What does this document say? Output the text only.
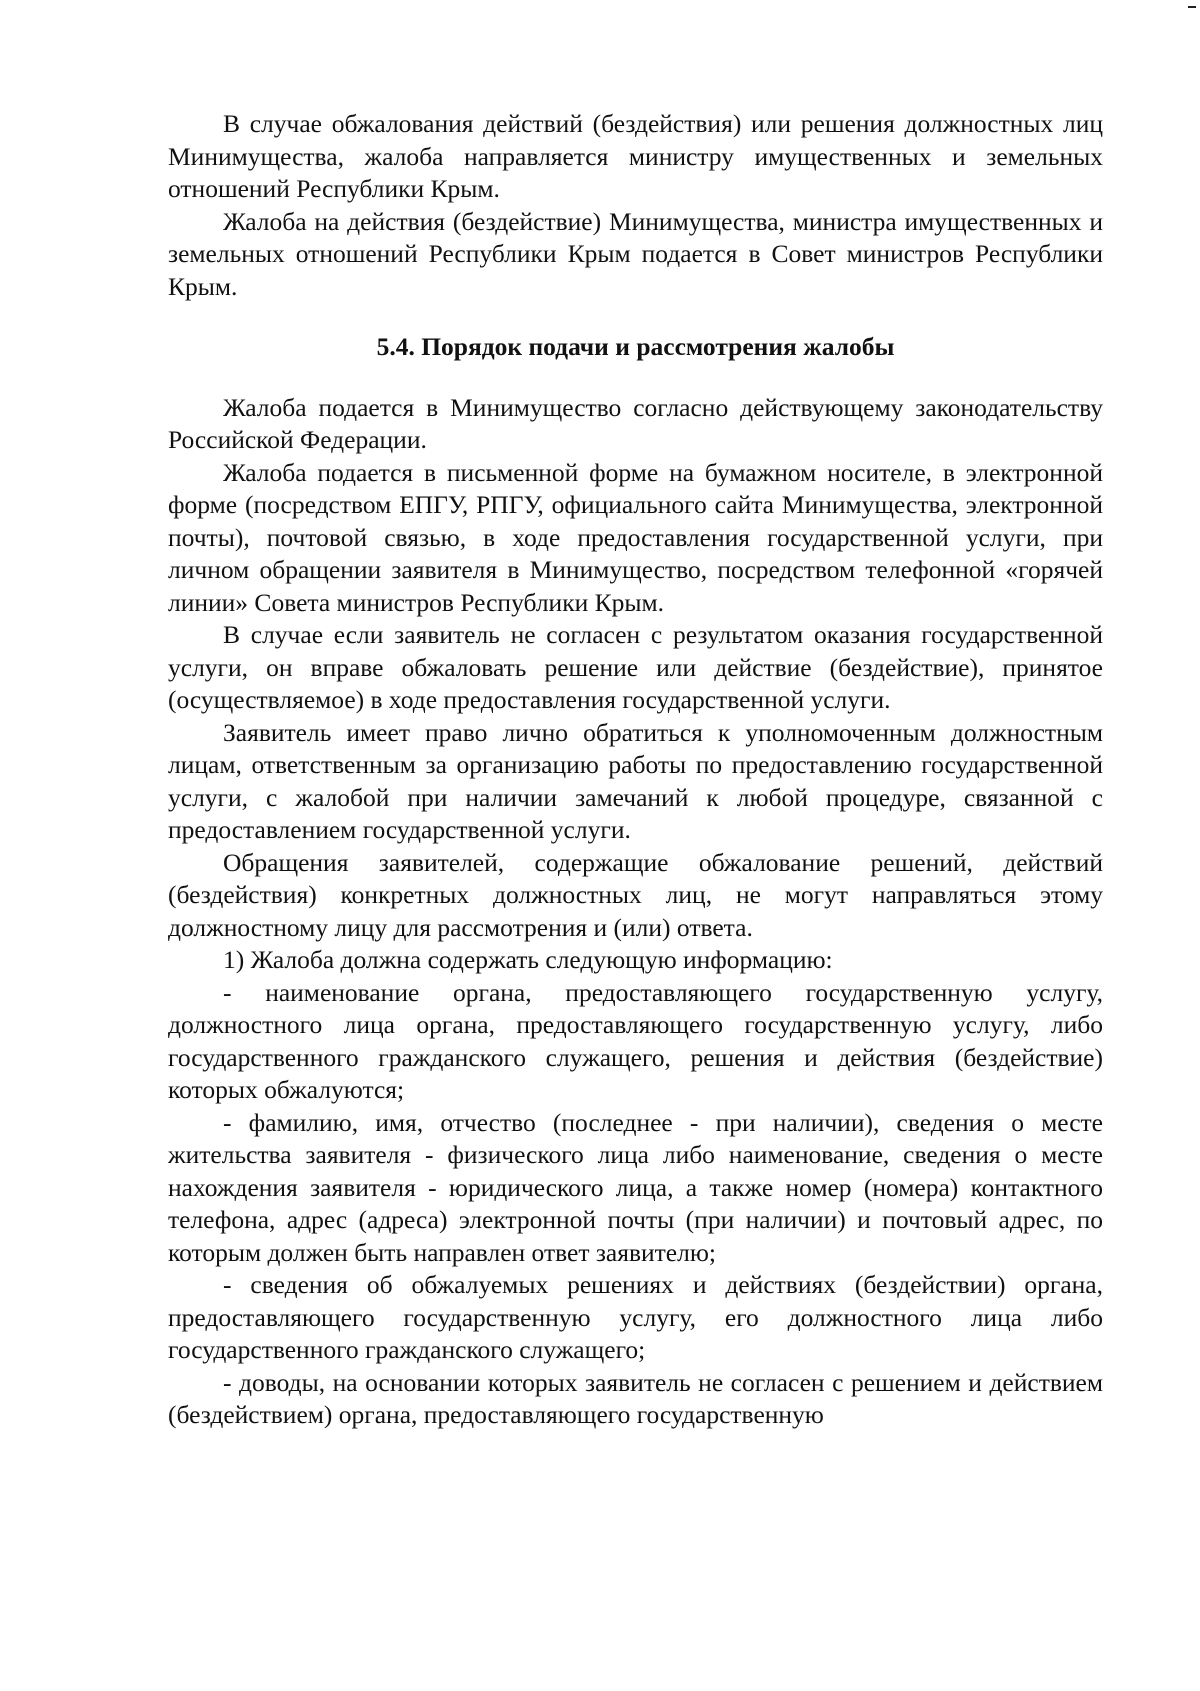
В случае обжалования действий (бездействия) или решения должностных лиц Минимущества, жалоба направляется министру имущественных и земельных отношений Республики Крым.

Жалоба на действия (бездействие) Минимущества, министра имущественных и земельных отношений Республики Крым подается в Совет министров Республики Крым.

5.4. Порядок подачи и рассмотрения жалобы

Жалоба подается в Минимущество согласно действующему законодательству Российской Федерации.

Жалоба подается в письменной форме на бумажном носителе, в электронной форме (посредством ЕПГУ, РПГУ, официального сайта Минимущества, электронной почты), почтовой связью, в ходе предоставления государственной услуги, при личном обращении заявителя в Минимущество, посредством телефонной «горячей линии» Совета министров Республики Крым.

В случае если заявитель не согласен с результатом оказания государственной услуги, он вправе обжаловать решение или действие (бездействие), принятое (осуществляемое) в ходе предоставления государственной услуги.

Заявитель имеет право лично обратиться к уполномоченным должностным лицам, ответственным за организацию работы по предоставлению государственной услуги, с жалобой при наличии замечаний к любой процедуре, связанной с предоставлением государственной услуги.

Обращения заявителей, содержащие обжалование решений, действий (бездействия) конкретных должностных лиц, не могут направляться этому должностному лицу для рассмотрения и (или) ответа.

1) Жалоба должна содержать следующую информацию:

- наименование органа, предоставляющего государственную услугу, должностного лица органа, предоставляющего государственную услугу, либо государственного гражданского служащего, решения и действия (бездействие) которых обжалуются;

- фамилию, имя, отчество (последнее - при наличии), сведения о месте жительства заявителя - физического лица либо наименование, сведения о месте нахождения заявителя - юридического лица, а также номер (номера) контактного телефона, адрес (адреса) электронной почты (при наличии) и почтовый адрес, по которым должен быть направлен ответ заявителю;

- сведения об обжалуемых решениях и действиях (бездействии) органа, предоставляющего государственную услугу, его должностного лица либо государственного гражданского служащего;

- доводы, на основании которых заявитель не согласен с решением и действием (бездействием) органа, предоставляющего государственную
